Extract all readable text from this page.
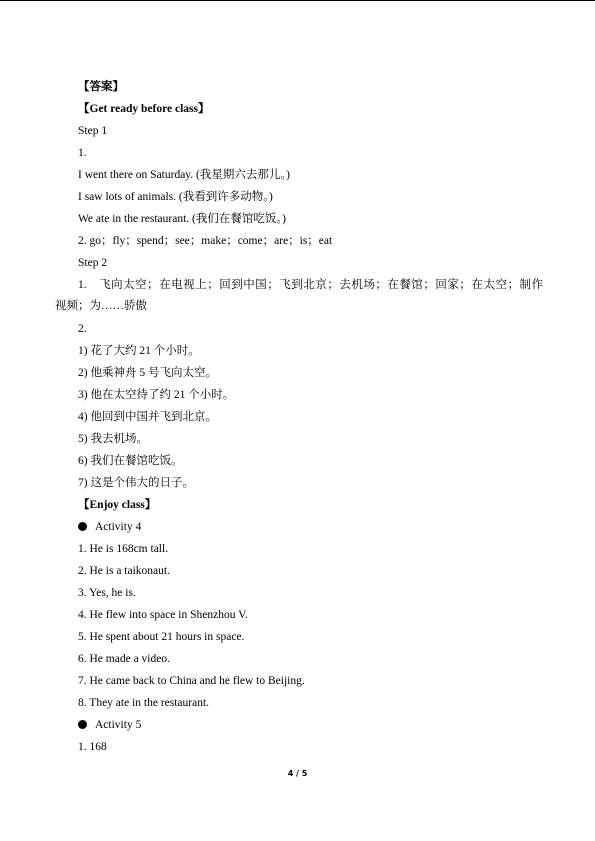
【答案】
【Get ready before class】
Step 1
1.
I went there on Saturday. (我星期六去那儿。)
I saw lots of animals. (我看到许多动物。)
We ate in the restaurant. (我们在餐馆吃饭。)
2. go；fly；spend；see；make；come；are；is；eat
Step 2
1.　飞向太空；在电视上；回到中国；飞到北京；去机场；在餐馆；回家；在太空；制作
视频；为……骄傲
2.
1) 花了大约 21 个小时。
2) 他乘神舟 5 号飞向太空。
3) 他在太空待了约 21 个小时。
4) 他回到中国并飞到北京。
5) 我去机场。
6) 我们在餐馆吃饭。
7) 这是个伟大的日子。
【Enjoy class】
Activity 4
1. He is 168cm tall.
2. He is a taikonaut.
3. Yes, he is.
4. He flew into space in Shenzhou V.
5. He spent about 21 hours in space.
6. He made a video.
7. He came back to China and he flew to Beijing.
8. They ate in the restaurant.
Activity 5
1. 168
4 / 5
